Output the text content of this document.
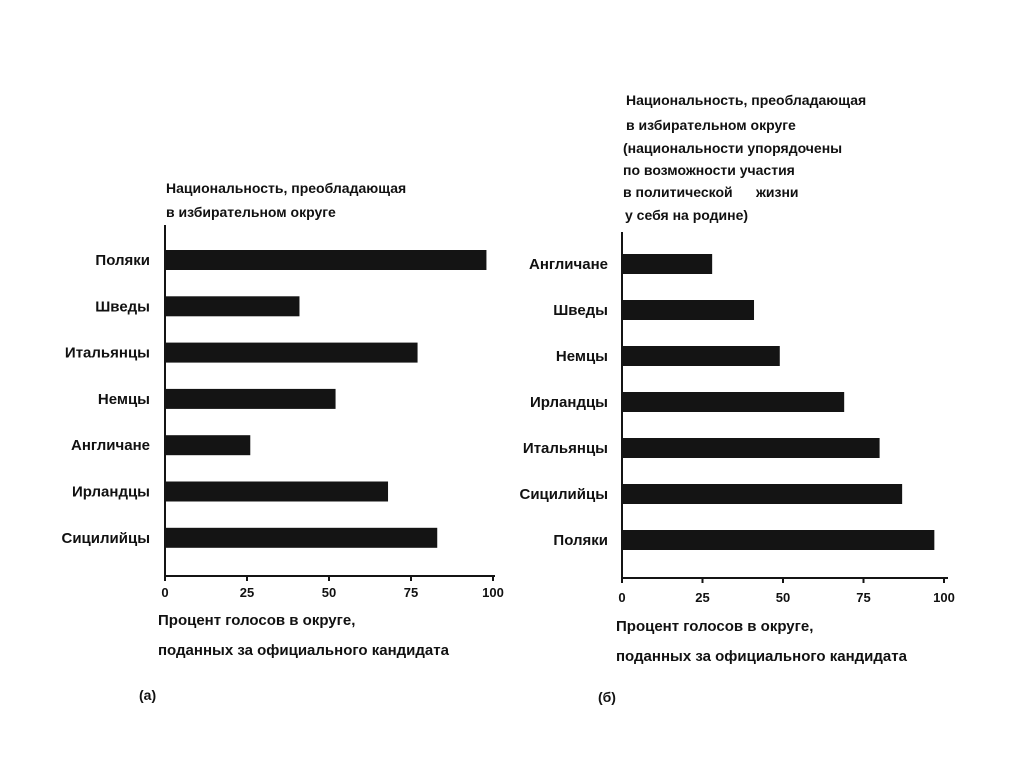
Национальность, преобладающая
в избирательном округе
Поляки
Шведы
Итальянцы
Немцы
Англичане
Ирландцы
Сицилийцы
0	25	50	75	100
Процент голосов в округе,
поданных за официального кандидата
(а)
Национальность, преобладающая
в избирательном округе
(национальности упорядочены
по возможности участия
в политической      жизни
у себя на родине)
Англичане
Шведы
Немцы
Ирландцы
Итальянцы
Сицилийцы
Поляки
0	25	50	75	100
Процент голосов в округе,
поданных за официального кандидата
(б)
